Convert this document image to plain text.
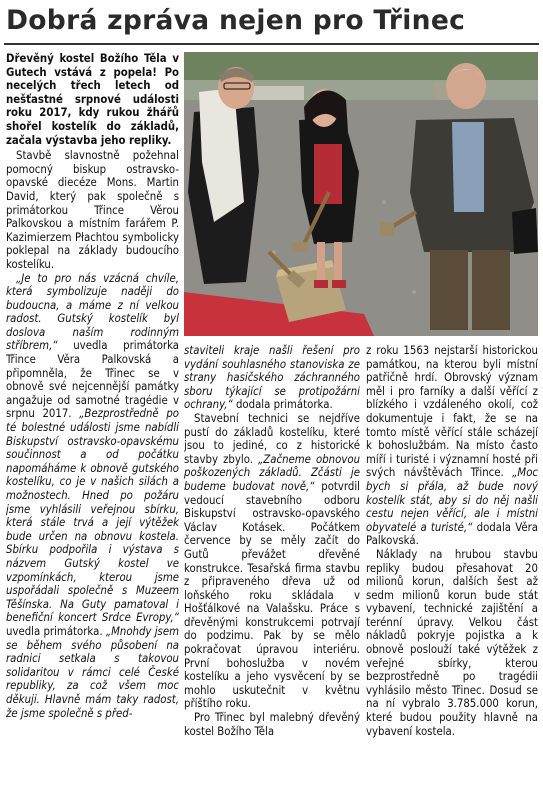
Dobrá zpráva nejen pro Třinec

Dřevěný kostel Božího Těla v Gutech vstává z popela! Po necelých třech letech od nešťastné srpnové události roku 2017, kdy rukou žhářů shořel kostelík do základů, začala výstavba jeho repliky.

Stavbě slavnostně požehnal pomocný biskup ostravsko-opavské diecéze Mons. Martin David, který pak společně s primátorkou Třince Věrou Palkovskou a místním farářem P. Kazimierzem Płachtou symbolicky poklepal na základy budoucího kostelíku.

„Je to pro nás vzácná chvíle, která symbolizuje naději do budoucna, a máme z ní velkou radost. Gutský kostelík byl doslova naším rodinným stříbrem,“ uvedla primátorka Třince Věra Palkovská a připomněla, že Třinec se v obnově své nejcennější památky angažuje od samotné tragédie v srpnu 2017. „Bezprostředně po té bolestné události jsme nabídli Biskupství ostravsko-opavskému součinnost a od počátku napomáháme k obnově gutského kostelíku, co je v našich silách a možnostech. Hned po požáru jsme vyhlásili veřejnou sbírku, která stále trvá a její výtěžek bude určen na obnovu kostela. Sbírku podpořila i výstava s názvem Gutský kostel ve vzpomínkách, kterou jsme uspořádali společně s Muzeem Těšínska. Na Guty pamatoval i benefiční koncert Srdce Evropy,“ uvedla primátorka. „Mnohdy jsem se během svého působení na radnici setkala s takovou solidaritou v rámci celé České republiky, za což všem moc děkuji. Hlavně mám taky radost, že jsme společně s před-

staviteli kraje našli řešení pro vydání souhlasného stanoviska ze strany hasičského záchranného sboru týkající se protipožární ochrany,“ dodala primátorka.

Stavební technici se nejdříve pustí do základů kostelíku, které jsou to jediné, co z historické stavby zbylo. „Začneme obnovou poškozených základů. Zčásti je budeme budovat nově,“ potvrdil vedoucí stavebního odboru Biskupství ostravsko-opavského Václav Kotásek. Počátkem července by se měly začít do Gutů převážet dřevěné konstrukce. Tesařská firma stavbu z připraveného dřeva už od loňského roku skládala v Hošťálkové na Valašsku. Práce s dřevěnými konstrukcemi potrvají do podzimu. Pak by se mělo pokračovat úpravou interiéru. První bohoslužba v novém kostelíku a jeho vysvěcení by se mohlo uskutečnit v květnu příštího roku.

Pro Třinec byl malebný dřevěný kostel Božího Těla

z roku 1563 nejstarší historickou památkou, na kterou byli místní patřičně hrdí. Obrovský význam měl i pro farníky a další věřící z blízkého i vzdáleného okolí, což dokumentuje i fakt, že se na tomto místě věřící stále scházejí k bohoslužbám. Na místo často míří i turisté i významní hosté při svých návštěvách Třince. „Moc bych si přála, až bude nový kostelík stát, aby si do něj našli cestu nejen věřící, ale i místní obyvatelé a turisté,“ dodala Věra Palkovská.

Náklady na hrubou stavbu repliky budou přesahovat 20 milionů korun, dalších šest až sedm milionů korun bude stát vybavení, technické zajištění a terénní úpravy. Velkou část nákladů pokryje pojistka a k obnově poslouží také výtěžek z veřejné sbírky, kterou bezprostředně po tragédii vyhlásilo město Třinec. Dosud se na ní vybralo 3.785.000 korun, které budou použity hlavně na vybavení kostela.
